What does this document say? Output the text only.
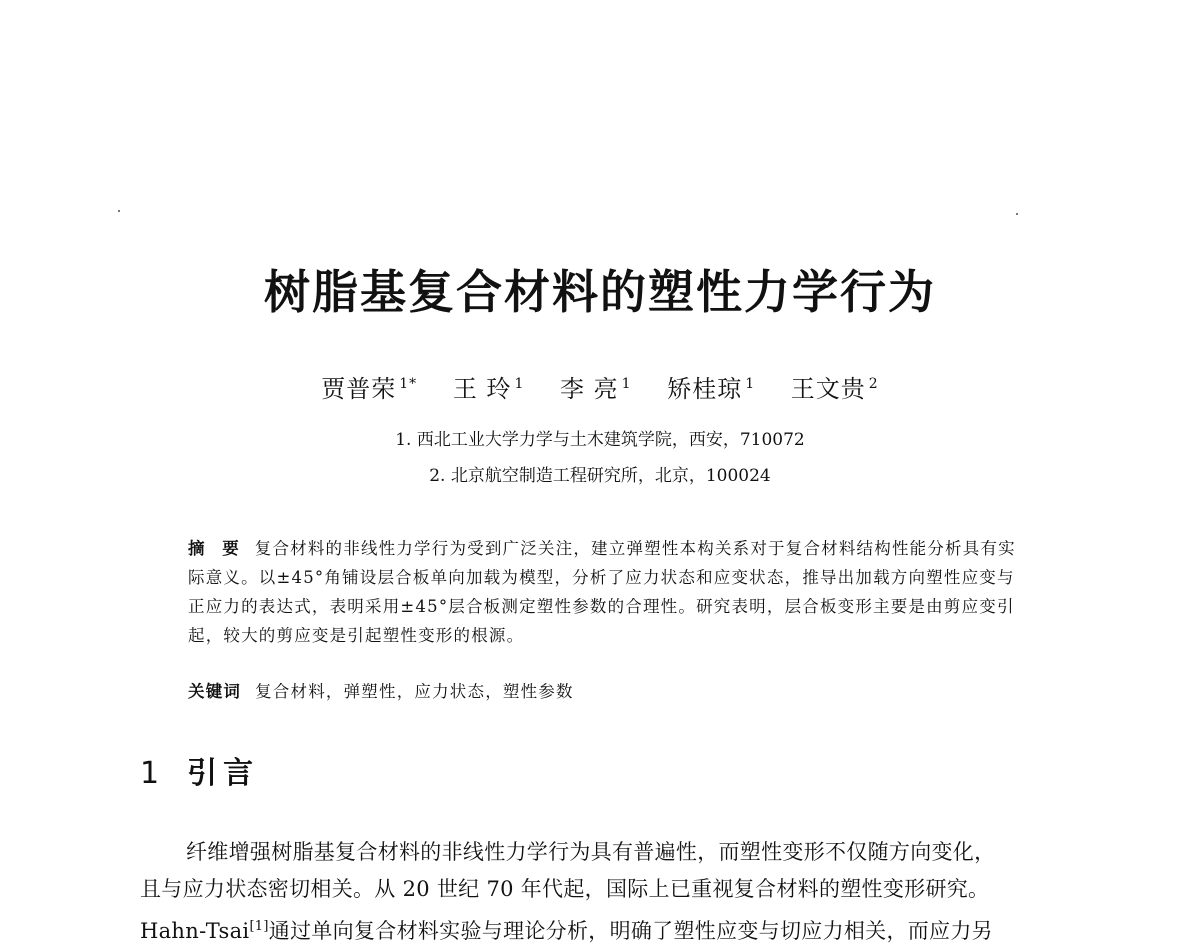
树脂基复合材料的塑性力学行为
贾普荣 $^{1*}$ 王 玲 $^1$ 李 亮 $^1$ 矫桂琼 $^1$ 王文贵 $^2$
1. 西北工业大学力学与土木建筑学院，西安，710072
2. 北京航空制造工程研究所，北京，100024
摘 要 复合材料的非线性力学行为受到广泛关注，建立弹塑性本构关系对于复合材料结构性能分析具有实际意义。以±45°角铺设层合板单向加载为模型，分析了应力状态和应变状态，推导出加载方向塑性应变与正应力的表达式，表明采用±45°层合板测定塑性参数的合理性。研究表明，层合板变形主要是由剪应变引起，较大的剪应变是引起塑性变形的根源。
关键词 复合材料，弹塑性，应力状态，塑性参数
1 引言
纤维增强树脂基复合材料的非线性力学行为具有普遍性，而塑性变形不仅随方向变化，
且与应力状态密切相关。从 20 世纪 70 年代起，国际上已重视复合材料的塑性变形研究。
Hahn-Tsai[1]通过单向复合材料实验与理论分析，明确了塑性应变与切应力相关，而应力另
